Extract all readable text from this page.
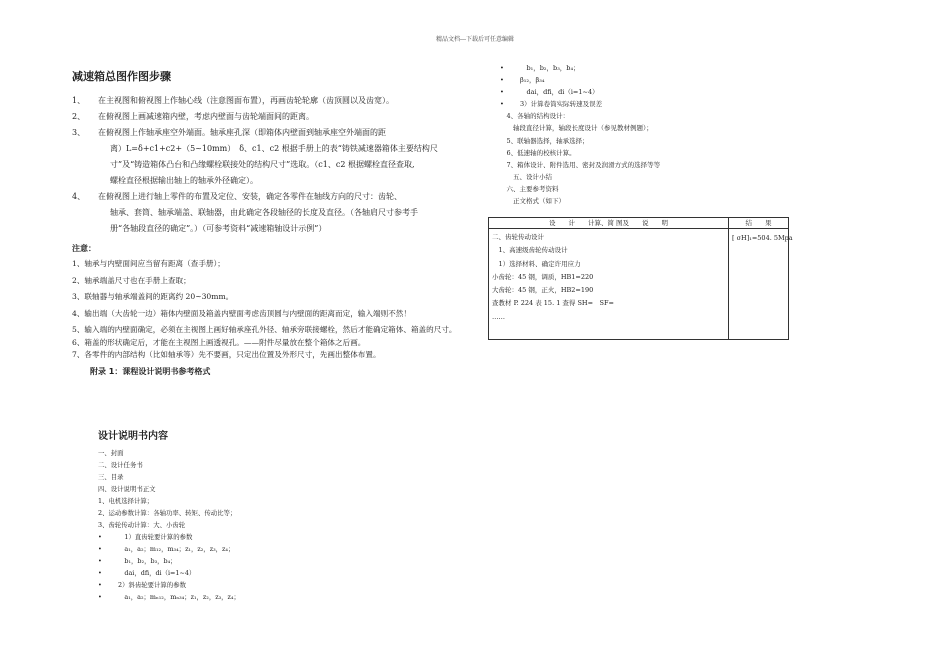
精品文档---下载后可任意编辑
减速箱总图作图步骤
1、	在主视图和俯视图上作轴心线（注意图面布置），再画齿轮轮廓（齿顶圆以及齿宽）。
2、	在俯视图上画减速箱内壁，考虑内壁面与齿轮端面间的距离。
3、	在俯视图上作轴承座空外端面。轴承座孔深（即箱体内壁面到轴承座空外端面的距
离）L=δ+c1+c2+（5~10mm）　δ、c1、c2 根据手册上的表“铸铁减速器箱体主要结构尺
寸”及“铸造箱体凸台和凸缘螺栓联接处的结构尺寸”选取。（c1、c2 根据螺栓直径查取,
螺栓直径根据输出轴上的轴承外径确定）。
4、	在俯视图上进行轴上零件的布置及定位、安装，确定各零件在轴线方向的尺寸：齿轮、
轴承、套筒、轴承端盖、联轴器，由此确定各段轴径的长度及直径。（各轴肩尺寸参考手
册“各轴段直径的确定”。）（可参考资料“减速箱轴设计示例”）
注意：
1、轴承与内壁面间应当留有距离（查手册）；
2、轴承端盖尺寸也在手册上查取；
3、联轴器与轴承端盖间的距离约 20~30mm。
4、输出端（大齿轮一边）箱体内壁面及箱盖内壁面考虑齿顶圆与内壁面的距离而定，输入端则不然！
5、输入端的内壁面确定，必须在主视图上画好轴承座孔外径、轴承旁联接螺栓，然后才能确定箱体、箱盖的尺寸。
6、箱盖的形状确定后，才能在主视图上画透视孔。——附件尽量放在整个箱体之后画。
7、各零件的内部结构（比如轴承等）先不要画，只定出位置及外形尺寸，先画出整体布置。
附录 1：课程设计说明书参考格式
设计说明书内容
一、封面
二、设计任务书
三、目录
四、设计说明书正文
1、电机选择计算；
2、运动参数计算：各轴功率、转矩、传动比等；
3、齿轮传动计算：大、小齿轮
•	　1）直齿轮要计算的参数
•	　a₁，a₂；m₁₂，m₃₄；z₁，z₂，z₃，z₄；
•	　b₁，b₂，b₃，b₄；
•	　dai，dfi，di（i=1~4）
•	2）斜齿轮要计算的参数
•	　a₁，a₂；mₙ₁₂，mₙ₃₄；z₁，z₂，z₃，z₄；
•　b₁，b₂，b₃，b₄；
• β₁₂，β₃₄
•　dai，dfi，di（i=1~4）
• 3）计算卷筒实际转速及误差
　4、各轴的结构设计：
　　轴段直径计算，轴段长度设计（参见教材例题）；
　5、联轴器选择，轴承选择；
　6、低速轴的校核计算。
　7、箱体设计、附件选用、密封及润滑方式的选择等等
　　五、设计小结
　六、主要参考资料
　　正文格式（如下）
设　　计　　计算、简 图及　　说　　明	结　　果
二、齿轮传动设计
　1、高速级齿轮传动设计
　1）选择材料、确定许用应力
小齿轮：45 钢，调质，HB1=220
大齿轮：45 钢，正火，HB2=190
查教材 P. 224 表 15. 1 查得 SH=　SF=
……
[ σH]₁=504. 5Mpa
